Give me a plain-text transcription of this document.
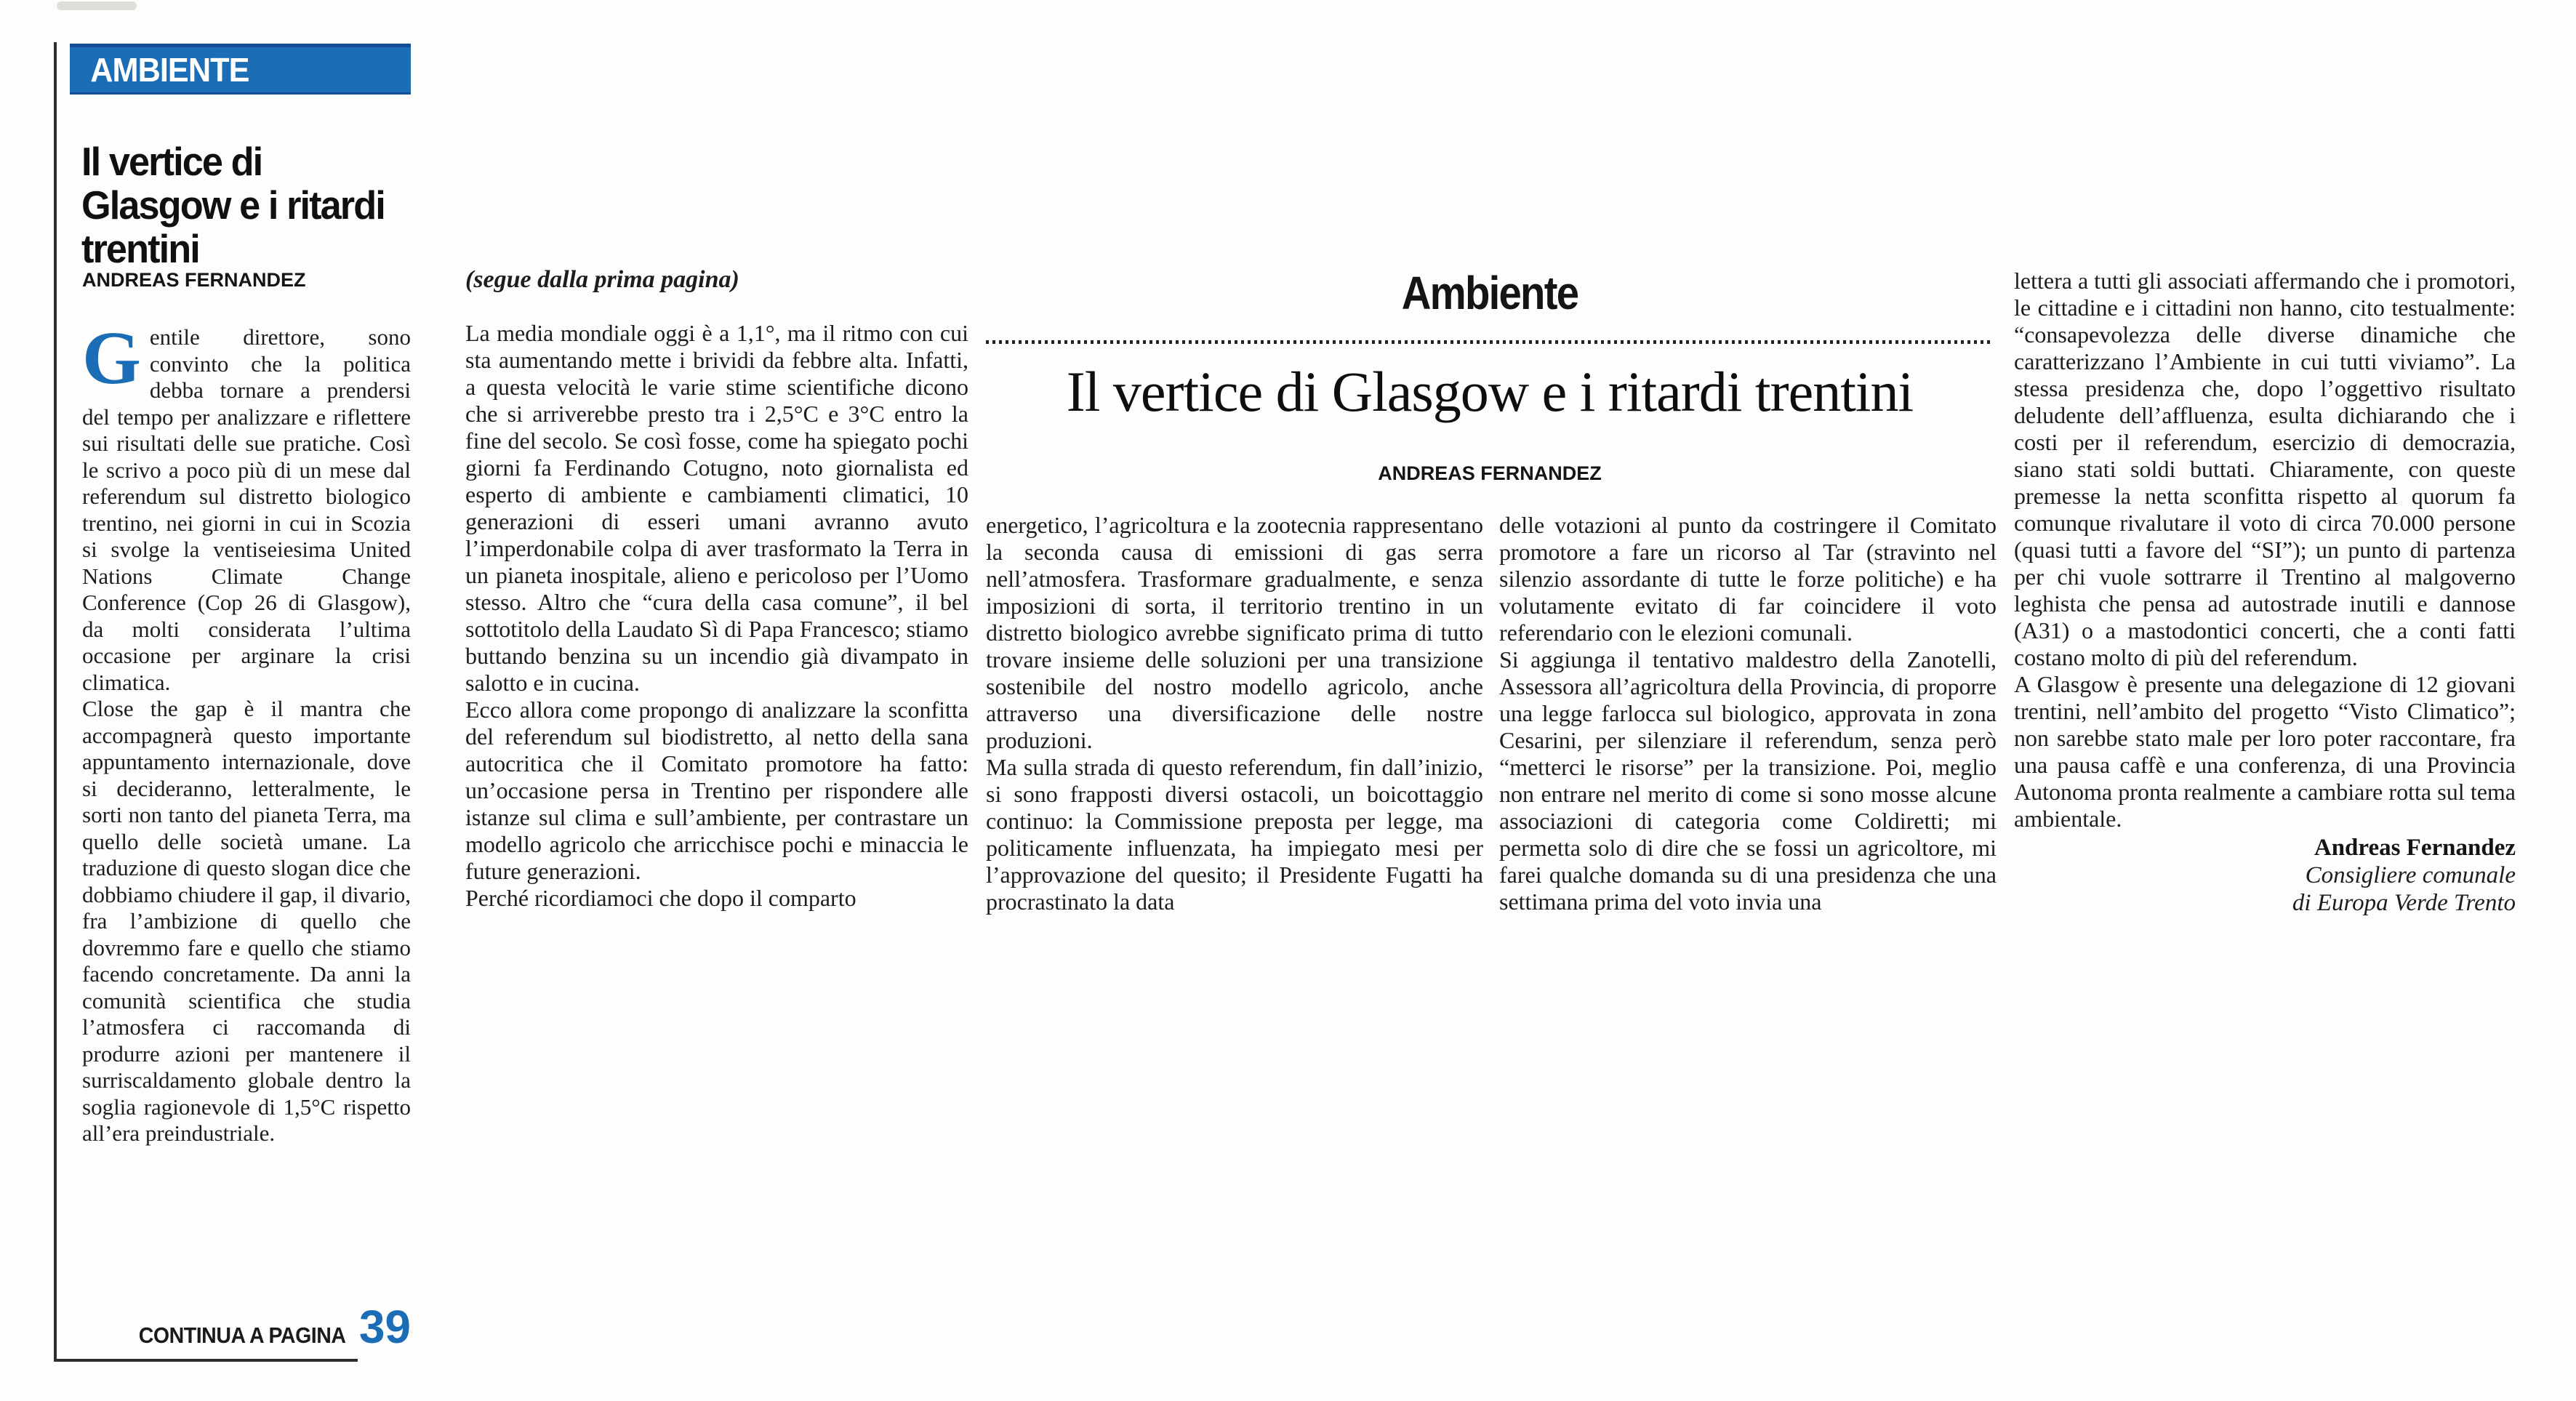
AMBIENTE
Il vertice di Glasgow e i ritardi trentini
ANDREAS FERNANDEZ

Gentile direttore, sono convinto che la politica debba tornare a prendersi del tempo per analizzare e riflettere sui risultati delle sue pratiche. Così le scrivo a poco più di un mese dal referendum sul distretto biologico trentino, nei giorni in cui in Scozia si svolge la ventiseiesima United Nations Climate Change Conference (Cop 26 di Glasgow), da molti considerata l’ultima occasione per arginare la crisi climatica.

Close the gap è il mantra che accompagnerà questo importante appuntamento internazionale, dove si decideranno, letteralmente, le sorti non tanto del pianeta Terra, ma quello delle società umane. La traduzione di questo slogan dice che dobbiamo chiudere il gap, il divario, fra l’ambizione di quello che dovremmo fare e quello che stiamo facendo concretamente. Da anni la comunità scientifica che studia l’atmosfera ci raccomanda di produrre azioni per mantenere il surriscaldamento globale dentro la soglia ragionevole di 1,5°C rispetto all’era preindustriale.

CONTINUA A PAGINA 39
(segue dalla prima pagina)

La media mondiale oggi è a 1,1°, ma il ritmo con cui sta aumentando mette i brividi da febbre alta. Infatti, a questa velocità le varie stime scientifiche dicono che si arriverebbe presto tra i 2,5°C e 3°C entro la fine del secolo. Se così fosse, come ha spiegato pochi giorni fa Ferdinando Cotugno, noto giornalista ed esperto di ambiente e cambiamenti climatici, 10 generazioni di esseri umani avranno avuto l’imperdonabile colpa di aver trasformato la Terra in un pianeta inospitale, alieno e pericoloso per l’Uomo stesso. Altro che “cura della casa comune”, il bel sottotitolo della Laudato Sì di Papa Francesco; stiamo buttando benzina su un incendio già divampato in salotto e in cucina.

Ecco allora come propongo di analizzare la sconfitta del referendum sul biodistretto, al netto della sana autocritica che il Comitato promotore ha fatto: un’occasione persa in Trentino per rispondere alle istanze sul clima e sull’ambiente, per contrastare un modello agricolo che arricchisce pochi e minaccia le future generazioni.

Perché ricordiamoci che dopo il comparto

Ambiente
Il vertice di Glasgow e i ritardi trentini
ANDREAS FERNANDEZ

energetico, l’agricoltura e la zootecnia rappresentano la seconda causa di emissioni di gas serra nell’atmosfera. Trasformare gradualmente, e senza imposizioni di sorta, il territorio trentino in un distretto biologico avrebbe significato prima di tutto trovare insieme delle soluzioni per una transizione sostenibile del nostro modello agricolo, anche attraverso una diversificazione delle nostre produzioni.

Ma sulla strada di questo referendum, fin dall’inizio, si sono frapposti diversi ostacoli, un boicottaggio continuo: la Commissione preposta per legge, ma politicamente influenzata, ha impiegato mesi per l’approvazione del quesito; il Presidente Fugatti ha procrastinato la data

delle votazioni al punto da costringere il Comitato promotore a fare un ricorso al Tar (stravinto nel silenzio assordante di tutte le forze politiche) e ha volutamente evitato di far coincidere il voto referendario con le elezioni comunali.

Si aggiunga il tentativo maldestro della Zanotelli, Assessora all’agricoltura della Provincia, di proporre una legge farlocca sul biologico, approvata in zona Cesarini, per silenziare il referendum, senza però “metterci le risorse” per la transizione. Poi, meglio non entrare nel merito di come si sono mosse alcune associazioni di categoria come Coldiretti; mi permetta solo di dire che se fossi un agricoltore, mi farei qualche domanda su di una presidenza che una settimana prima del voto invia una

lettera a tutti gli associati affermando che i promotori, le cittadine e i cittadini non hanno, cito testualmente: “consapevolezza delle diverse dinamiche che caratterizzano l’Ambiente in cui tutti viviamo”. La stessa presidenza che, dopo l’oggettivo risultato deludente dell’affluenza, esulta dichiarando che i costi per il referendum, esercizio di democrazia, siano stati soldi buttati. Chiaramente, con queste premesse la netta sconfitta rispetto al quorum fa comunque rivalutare il voto di circa 70.000 persone (quasi tutti a favore del “SI”); un punto di partenza per chi vuole sottrarre il Trentino al malgoverno leghista che pensa ad autostrade inutili e dannose (A31) o a mastodontici concerti, che a conti fatti costano molto di più del referendum.

A Glasgow è presente una delegazione di 12 giovani trentini, nell’ambito del progetto “Visto Climatico”; non sarebbe stato male per loro poter raccontare, fra una pausa caffè e una conferenza, di una Provincia Autonoma pronta realmente a cambiare rotta sul tema ambientale.

Andreas Fernandez
Consigliere comunale
di Europa Verde Trento
